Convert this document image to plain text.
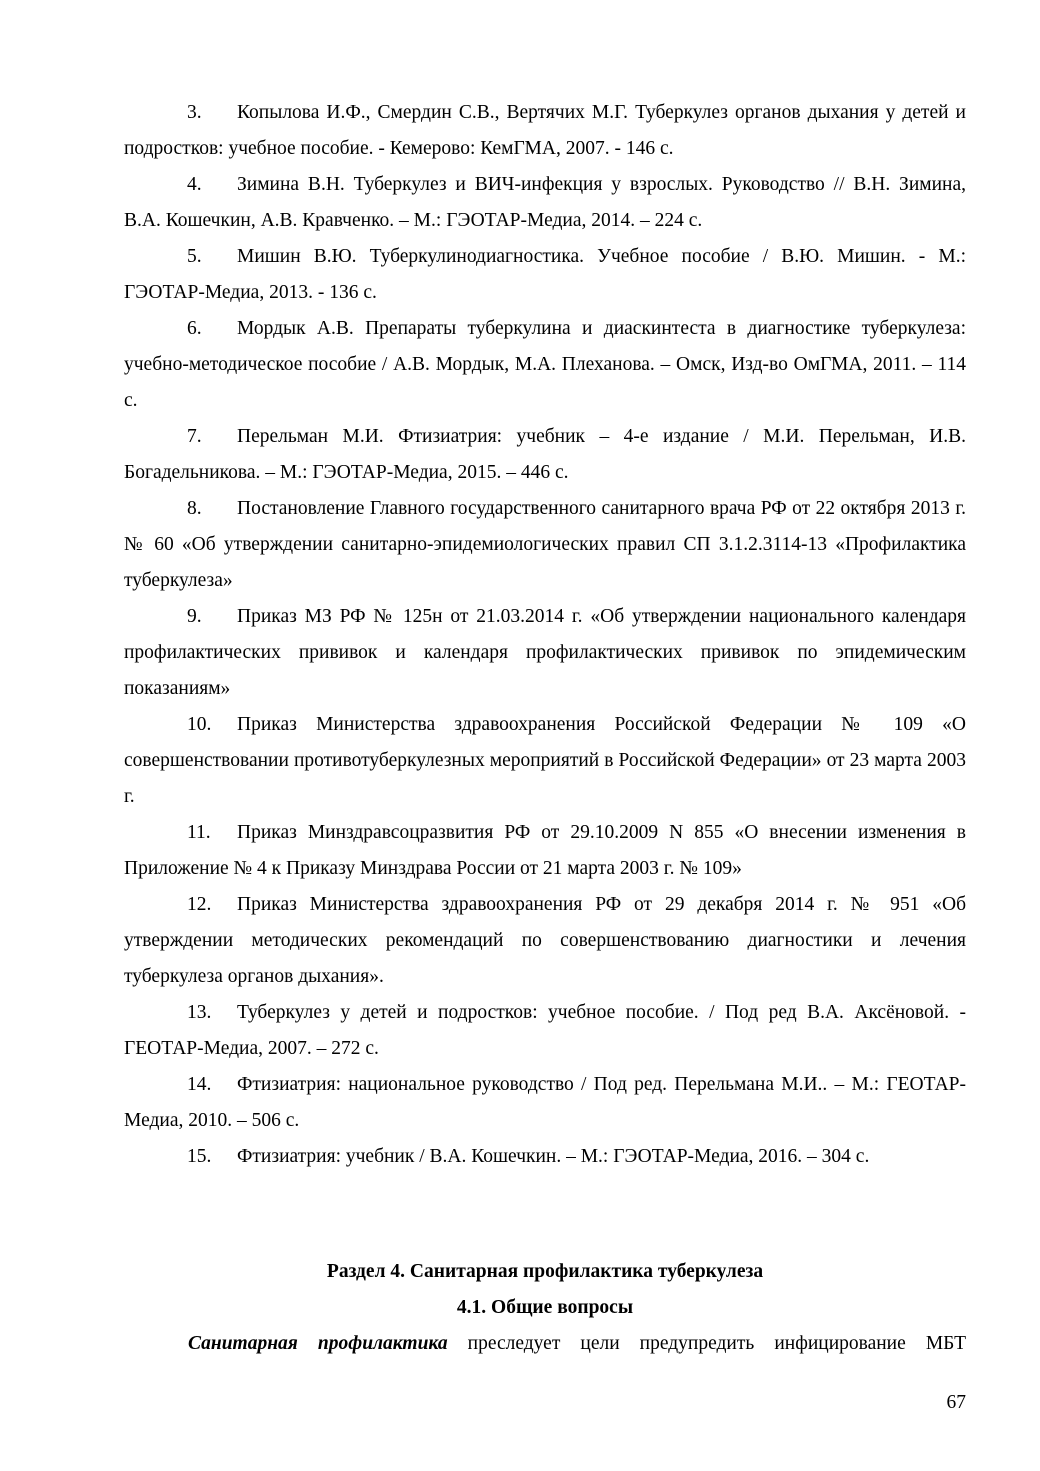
3. Копылова И.Ф., Смердин С.В., Вертячих М.Г. Туберкулез органов дыхания у детей и подростков: учебное пособие. - Кемерово: КемГМА, 2007. - 146 с.
4. Зимина В.Н. Туберкулез и ВИЧ-инфекция у взрослых. Руководство // В.Н. Зимина, В.А. Кошечкин, А.В. Кравченко. – М.: ГЭОТАР-Медиа, 2014. – 224 с.
5. Мишин В.Ю. Туберкулинодиагностика. Учебное пособие / В.Ю. Мишин. - М.: ГЭОТАР-Медиа, 2013. - 136 с.
6. Мордык А.В. Препараты туберкулина и диаскинтеста в диагностике туберкулеза: учебно-методическое пособие / А.В. Мордык, М.А. Плеханова. – Омск, Изд-во ОмГМА, 2011. – 114 с.
7. Перельман М.И. Фтизиатрия: учебник – 4-е издание / М.И. Перельман, И.В. Богадельникова. – М.: ГЭОТАР-Медиа, 2015. – 446 с.
8. Постановление Главного государственного санитарного врача РФ от 22 октября 2013 г. № 60 «Об утверждении санитарно-эпидемиологических правил СП 3.1.2.3114-13 «Профилактика туберкулеза»
9. Приказ МЗ РФ № 125н от 21.03.2014 г. «Об утверждении национального календаря профилактических прививок и календаря профилактических прививок по эпидемическим показаниям»
10. Приказ Министерства здравоохранения Российской Федерации № 109 «О совершенствовании противотуберкулезных мероприятий в Российской Федерации» от 23 марта 2003 г.
11. Приказ Минздравсоцразвития РФ от 29.10.2009 N 855 «О внесении изменения в Приложение № 4 к Приказу Минздрава России от 21 марта 2003 г. № 109»
12. Приказ Министерства здравоохранения РФ от 29 декабря 2014 г. № 951 «Об утверждении методических рекомендаций по совершенствованию диагностики и лечения туберкулеза органов дыхания».
13. Туберкулез у детей и подростков: учебное пособие. / Под ред В.А. Аксёновой. - ГЕОТАР-Медиа, 2007. – 272 с.
14. Фтизиатрия: национальное руководство / Под ред. Перельмана М.И.. – М.: ГЕОТАР-Медиа, 2010. – 506 с.
15. Фтизиатрия: учебник / В.А. Кошечкин. – М.: ГЭОТАР-Медиа, 2016. – 304 с.
Раздел 4. Санитарная профилактика туберкулеза
4.1. Общие вопросы

Санитарная профилактика преследует цели предупредить инфицирование МБТ

67
